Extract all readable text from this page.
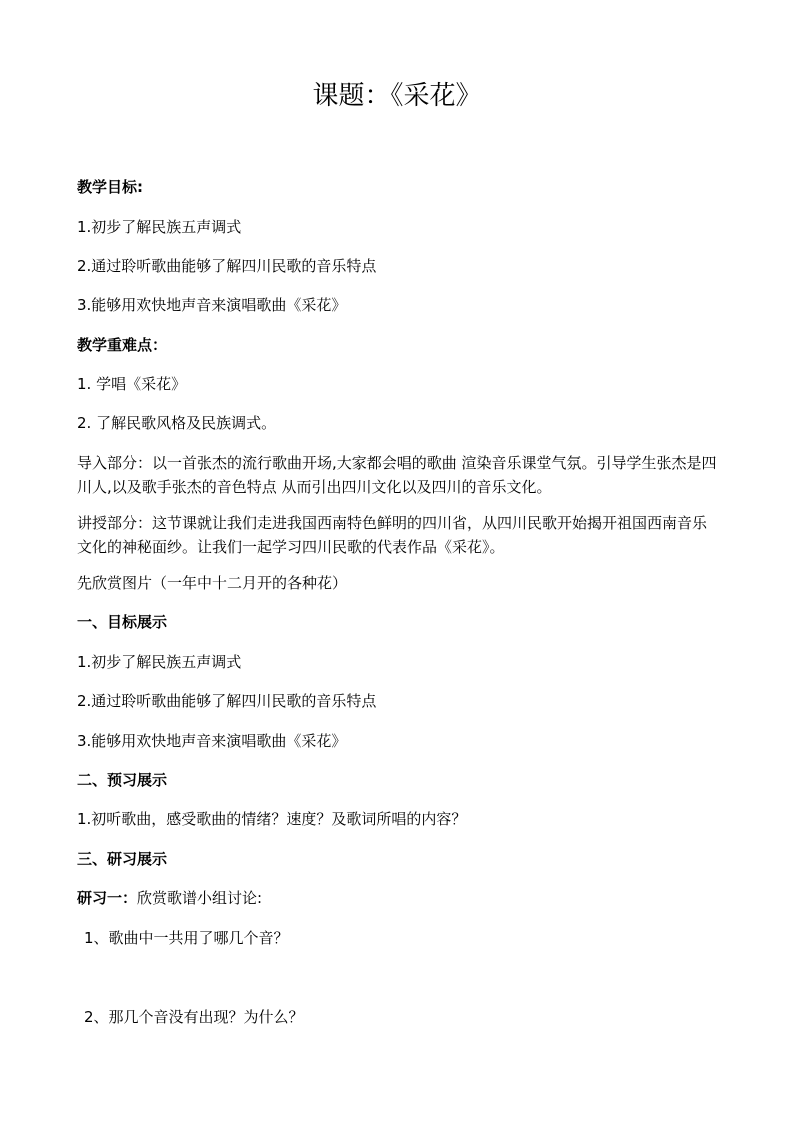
课题：《采花》
教学目标:
1.初步了解民族五声调式
2.通过聆听歌曲能够了解四川民歌的音乐特点
3.能够用欢快地声音来演唱歌曲《采花》
教学重难点：
1. 学唱《采花》
2. 了解民歌风格及民族调式。
导入部分：以一首张杰的流行歌曲开场,大家都会唱的歌曲 渲染音乐课堂气氛。引导学生张杰是四川人,以及歌手张杰的音色特点 从而引出四川文化以及四川的音乐文化。
讲授部分：这节课就让我们走进我国西南特色鲜明的四川省，从四川民歌开始揭开祖国西南音乐文化的神秘面纱。让我们一起学习四川民歌的代表作品《采花》。
先欣赏图片（一年中十二月开的各种花）
一、目标展示
1.初步了解民族五声调式
2.通过聆听歌曲能够了解四川民歌的音乐特点
3.能够用欢快地声音来演唱歌曲《采花》
二、预习展示
1.初听歌曲，感受歌曲的情绪？速度？及歌词所唱的内容？
三、研习展示
研习一：欣赏歌谱小组讨论:
1、歌曲中一共用了哪几个音？
2、那几个音没有出现？为什么？
